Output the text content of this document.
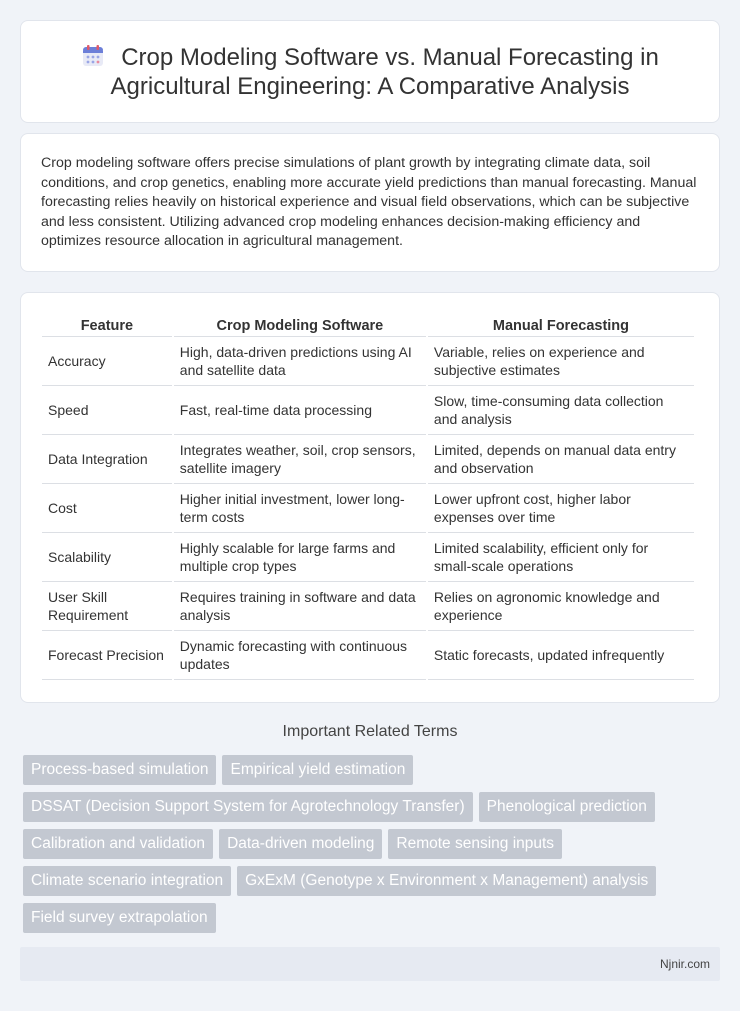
Crop Modeling Software vs. Manual Forecasting in Agricultural Engineering: A Comparative Analysis

Crop modeling software offers precise simulations of plant growth by integrating climate data, soil conditions, and crop genetics, enabling more accurate yield predictions than manual forecasting. Manual forecasting relies heavily on historical experience and visual field observations, which can be subjective and less consistent. Utilizing advanced crop modeling enhances decision-making efficiency and optimizes resource allocation in agricultural management.

Feature	Crop Modeling Software	Manual Forecasting
Accuracy	High, data-driven predictions using AI and satellite data	Variable, relies on experience and subjective estimates
Speed	Fast, real-time data processing	Slow, time-consuming data collection and analysis
Data Integration	Integrates weather, soil, crop sensors, satellite imagery	Limited, depends on manual data entry and observation
Cost	Higher initial investment, lower long-term costs	Lower upfront cost, higher labor expenses over time
Scalability	Highly scalable for large farms and multiple crop types	Limited scalability, efficient only for small-scale operations
User Skill Requirement	Requires training in software and data analysis	Relies on agronomic knowledge and experience
Forecast Precision	Dynamic forecasting with continuous updates	Static forecasts, updated infrequently
Important Related Terms
Process-based simulation	Empirical yield estimation
DSSAT (Decision Support System for Agrotechnology Transfer)	Phenological prediction
Calibration and validation	Data-driven modeling	Remote sensing inputs
Climate scenario integration	GxExM (Genotype x Environment x Management) analysis
Field survey extrapolation
Njnir.com
